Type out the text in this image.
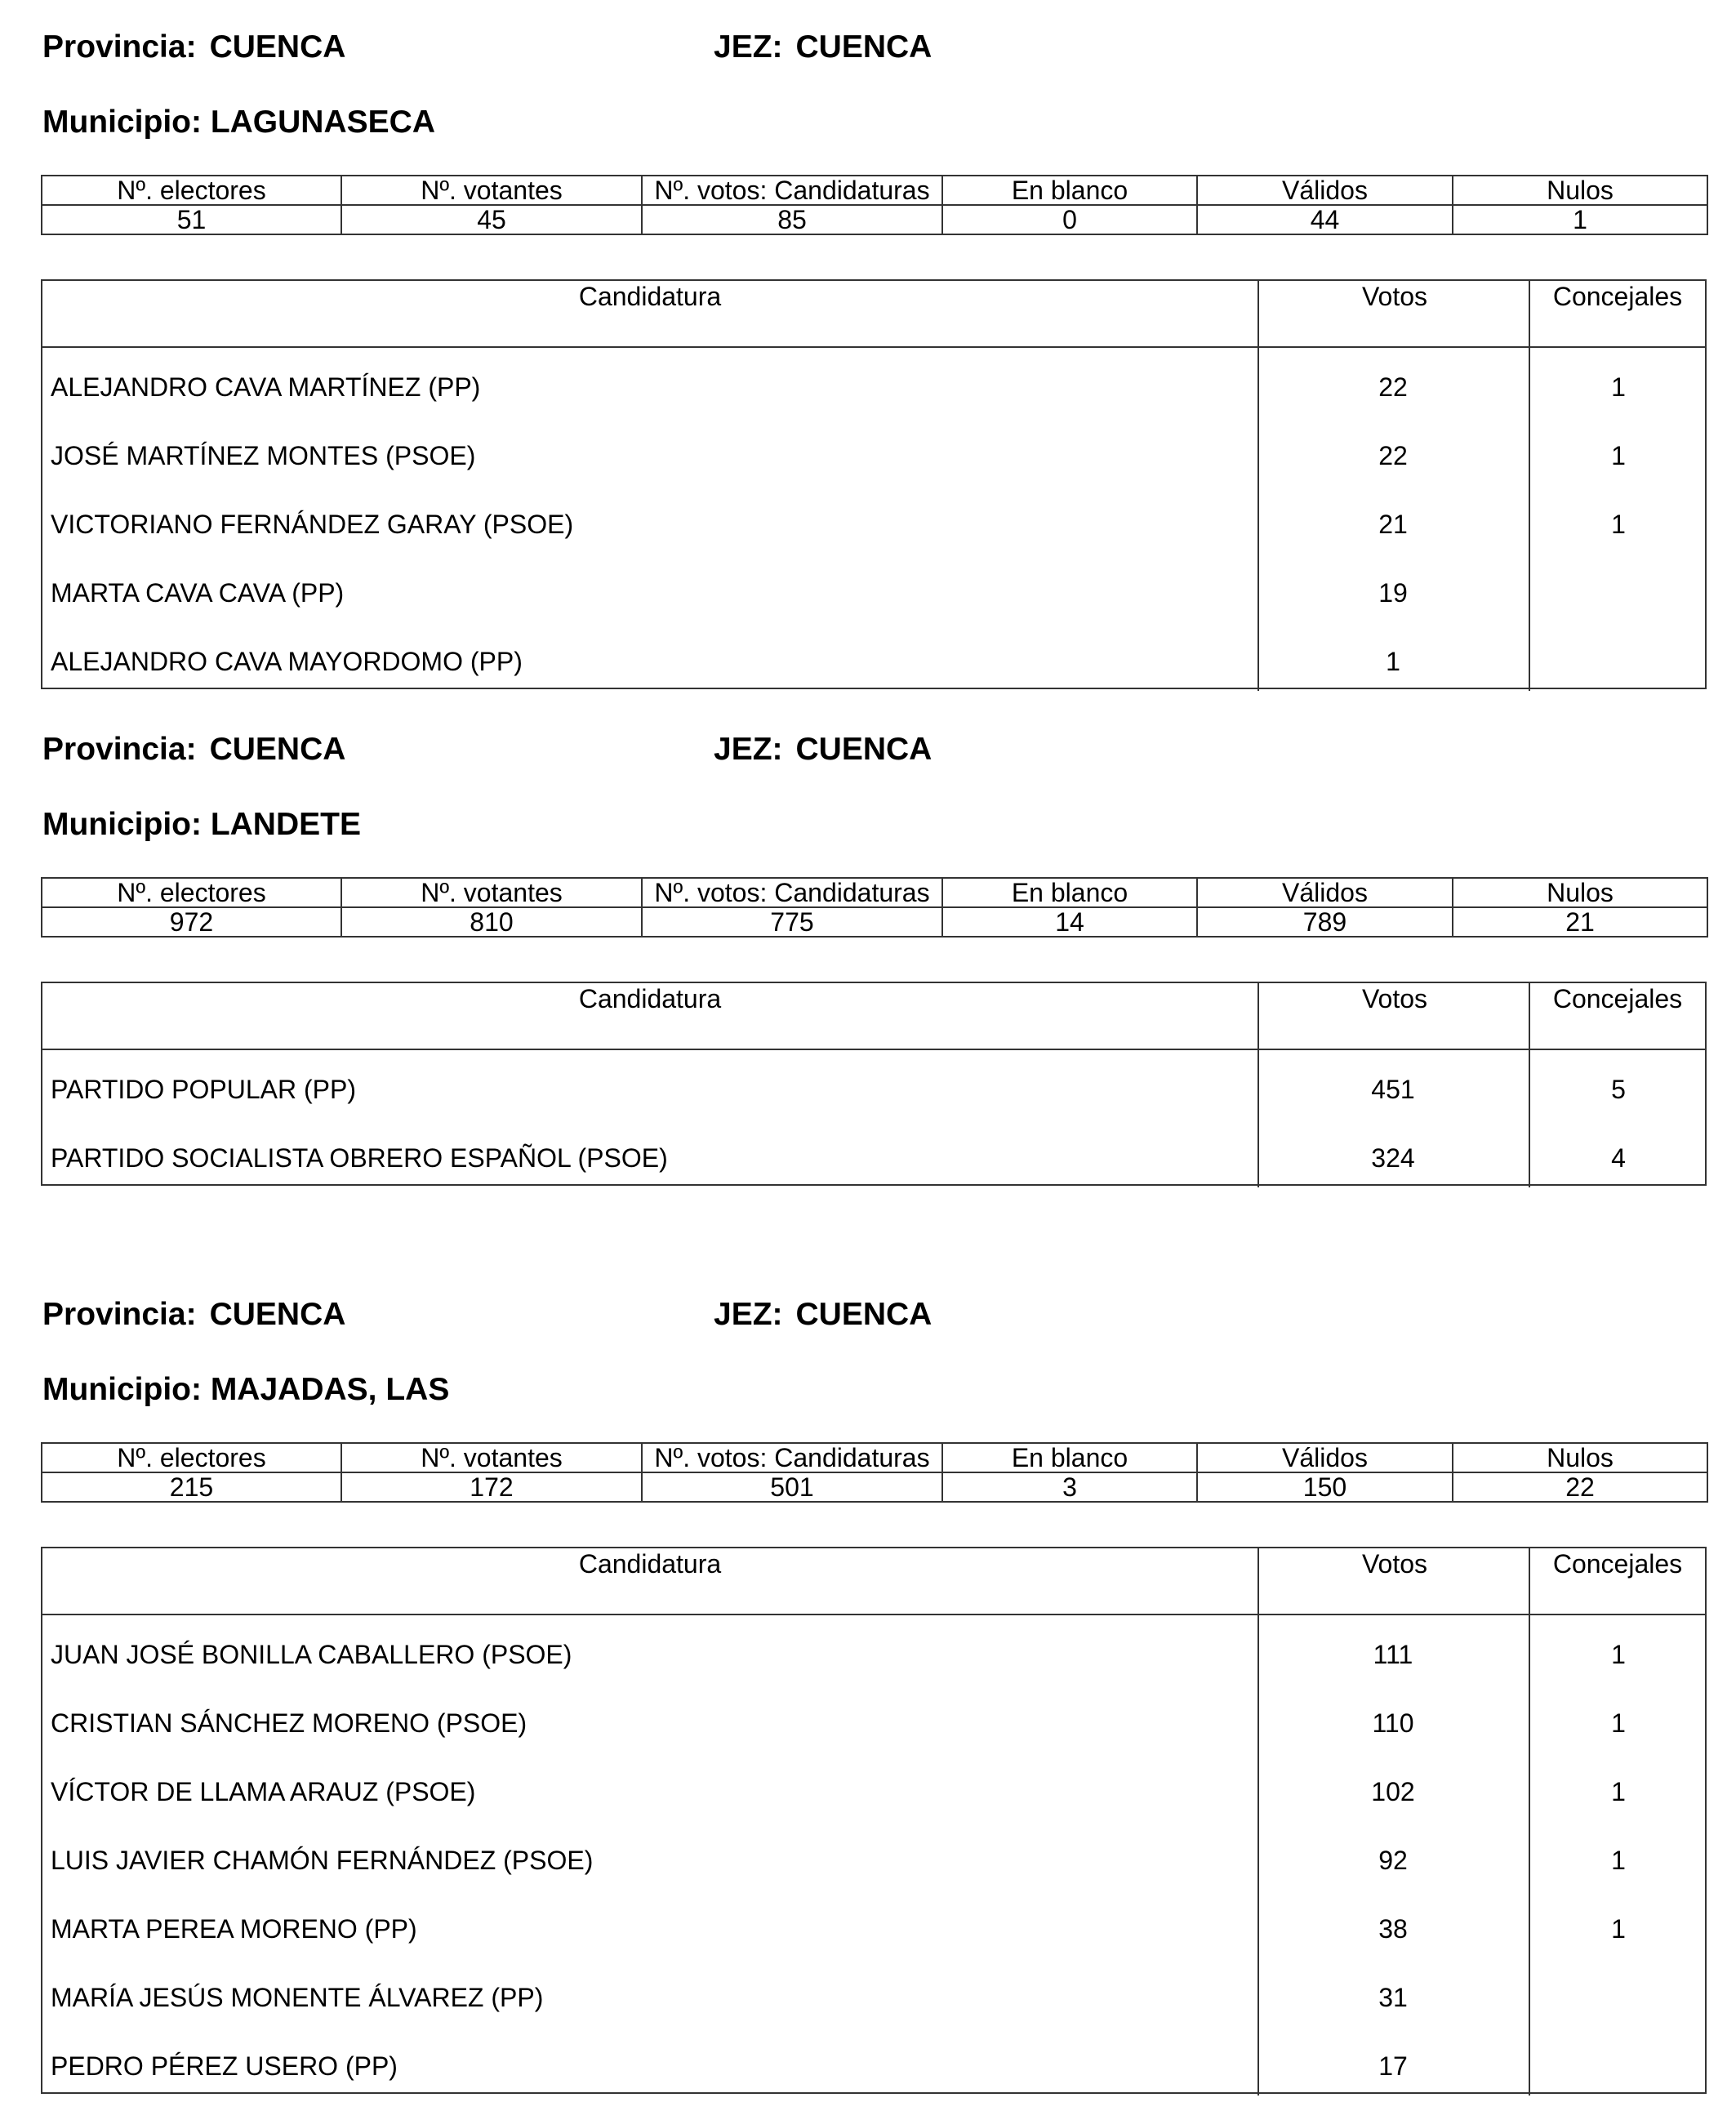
Provincia: CUENCA	JEZ: CUENCA
Municipio: LAGUNASECA
Nº. electores	Nº. votantes	Nº. votos: Candidaturas	En blanco	Válidos	Nulos
51	45	85	0	44	1
Candidatura	Votos	Concejales
ALEJANDRO CAVA MARTÍNEZ (PP)	22	1
JOSÉ MARTÍNEZ MONTES (PSOE)	22	1
VICTORIANO FERNÁNDEZ GARAY (PSOE)	21	1
MARTA CAVA CAVA (PP)	19
ALEJANDRO CAVA MAYORDOMO (PP)	1
Provincia: CUENCA	JEZ: CUENCA
Municipio: LANDETE
Nº. electores	Nº. votantes	Nº. votos: Candidaturas	En blanco	Válidos	Nulos
972	810	775	14	789	21
Candidatura	Votos	Concejales
PARTIDO POPULAR (PP)	451	5
PARTIDO SOCIALISTA OBRERO ESPAÑOL (PSOE)	324	4
Provincia: CUENCA	JEZ: CUENCA
Municipio: MAJADAS, LAS
Nº. electores	Nº. votantes	Nº. votos: Candidaturas	En blanco	Válidos	Nulos
215	172	501	3	150	22
Candidatura	Votos	Concejales
JUAN JOSÉ BONILLA CABALLERO (PSOE)	111	1
CRISTIAN SÁNCHEZ MORENO (PSOE)	110	1
VÍCTOR DE LLAMA ARAUZ (PSOE)	102	1
LUIS JAVIER CHAMÓN FERNÁNDEZ (PSOE)	92	1
MARTA PEREA MORENO (PP)	38	1
MARÍA JESÚS MONENTE ÁLVAREZ (PP)	31
PEDRO PÉREZ USERO (PP)	17
